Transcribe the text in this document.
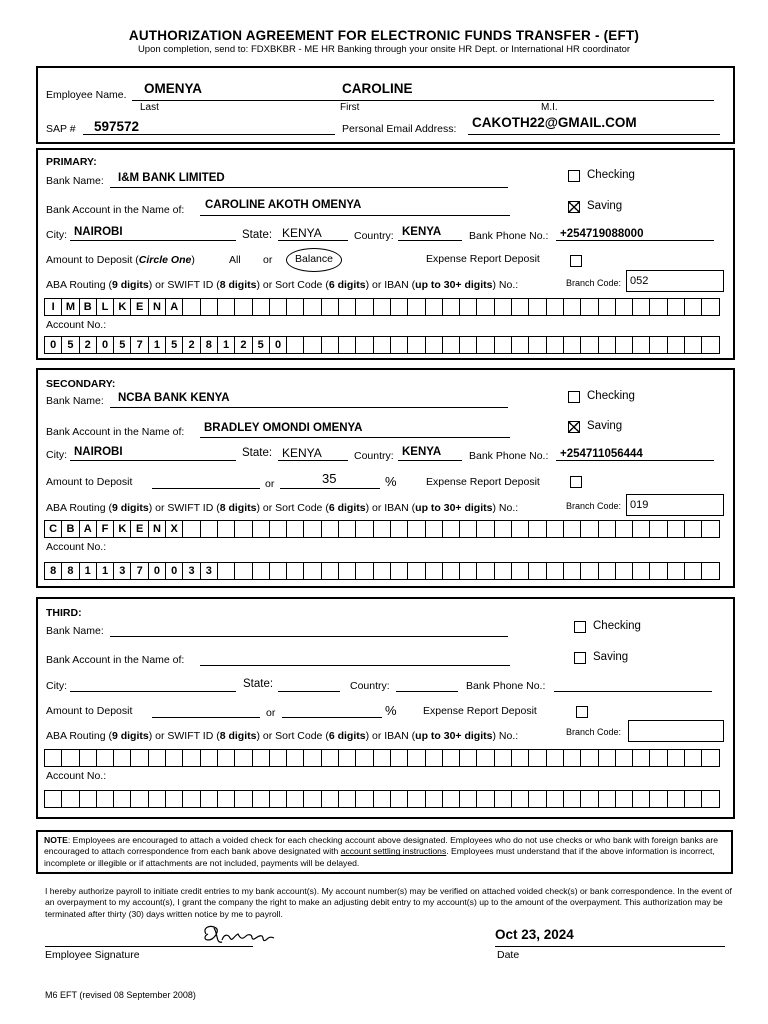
AUTHORIZATION AGREEMENT FOR ELECTRONIC FUNDS TRANSFER - (EFT)
Upon completion, send to: FDXBKBR - ME HR Banking through your onsite HR Dept. or International HR coordinator
Employee Name. OMENYA	CAROLINE
Last	First	M.I.
SAP # 597572	Personal Email Address: CAKOTH22@GMAIL.COM
PRIMARY:
Bank Name: I&M BANK LIMITED	Checking
Saving
Bank Account in the Name of: CAROLINE AKOTH OMENYA
City: NAIROBI	State: KENYA	Country: KENYA	Bank Phone No.: +254719088000
Amount to Deposit (Circle One)	All or	Balance	Expense Report Deposit
ABA Routing (9 digits) or SWIFT ID (8 digits) or Sort Code (6 digits) or IBAN (up to 30+ digits) No.:	Branch Code: 052
I	M B L K E N A
Account No.:
0	5	2	0	5	7	1	5	2	8	1	2	5	0
SECONDARY:
Bank Name: NCBA BANK KENYA	Checking
Saving
Bank Account in the Name of: BRADLEY OMONDI OMENYA
City: NAIROBI	State: KENYA	Country: KENYA	Bank Phone No.: +254711056444
Amount to Deposit	or	35	%	Expense Report Deposit
ABA Routing (9 digits) or SWIFT ID (8 digits) or Sort Code (6 digits) or IBAN (up to 30+ digits) No.:	Branch Code: 019
C B A F K E N X
Account No.:
8	8	1	1	3	7	0	0	3	3
THIRD:
Bank Name:	Checking
Saving
Bank Account in the Name of:
City:	State:	Country:	Bank Phone No.:
Amount to Deposit	or	%	Expense Report Deposit
ABA Routing (9 digits) or SWIFT ID (8 digits) or Sort Code (6 digits) or IBAN (up to 30+ digits) No.:	Branch Code:
Account No.:
NOTE: Employees are encouraged to attach a voided check for each checking account above designated. Employees who do not use checks or who bank with foreign banks are encouraged to attach correspondence from each bank above designated with account settling instructions. Employees must understand that if the above information is incorrect, incomplete or illegible or if attachments are not included, payments will be delayed.
I hereby authorize payroll to initiate credit entries to my bank account(s). My account number(s) may be verified on attached voided check(s) or bank correspondence. In the event of an overpayment to my account(s), I grant the company the right to make an adjusting debit entry to my account(s) up to the amount of the overpayment. This authorization may be terminated after thirty (30) days written notice by me to payroll.
Omenya
Oct 23, 2024
Employee Signature	Date
M6 EFT (revised 08 September 2008)
